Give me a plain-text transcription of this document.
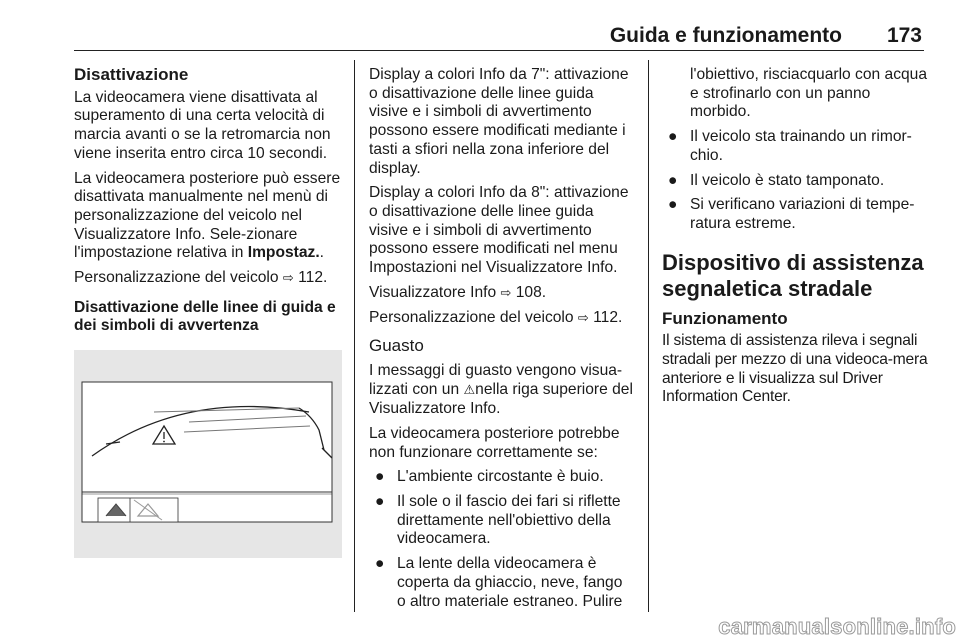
Guida e funzionamento 173
Disattivazione

La videocamera viene disattivata al superamento di una certa velocità di marcia avanti o se la retromarcia non viene inserita entro circa 10 secondi.

La videocamera posteriore può essere disattivata manualmente nel menù di personalizzazione del veicolo nel Visualizzatore Info. Sele‐zionare l'impostazione relativa in Impostaz..

Personalizzazione del veicolo ⇨ 112.

Disattivazione delle linee di guida e dei simboli di avvertenza

Display a colori Info da 7": attivazione o disattivazione delle linee guida visive e i simboli di avvertimento possono essere modificati mediante i tasti a sfiori nella zona inferiore del display.

Display a colori Info da 8": attivazione o disattivazione delle linee guida visive e i simboli di avvertimento possono essere modificati nel menu Impostazioni nel Visualizzatore Info.

Visualizzatore Info ⇨ 108.

Personalizzazione del veicolo ⇨ 112.

Guasto

I messaggi di guasto vengono visua‐lizzati con un ⚠nella riga superiore del Visualizzatore Info.

La videocamera posteriore potrebbe non funzionare correttamente se:

● L'ambiente circostante è buio.
● Il sole o il fascio dei fari si riflette direttamente nell'obiettivo della videocamera.
● La lente della videocamera è coperta da ghiaccio, neve, fango o altro materiale estraneo. Pulire
l'obiettivo, risciacquarlo con acqua e strofinarlo con un panno morbido.
● Il veicolo sta trainando un rimor‐chio.
● Il veicolo è stato tamponato.
● Si verificano variazioni di tempe‐ratura estreme.
Dispositivo di assistenza segnaletica stradale
Funzionamento

Il sistema di assistenza rileva i segnali stradali per mezzo di una videoca‐mera anteriore e li visualizza sul Driver Information Center.

carmanualsonline.info
